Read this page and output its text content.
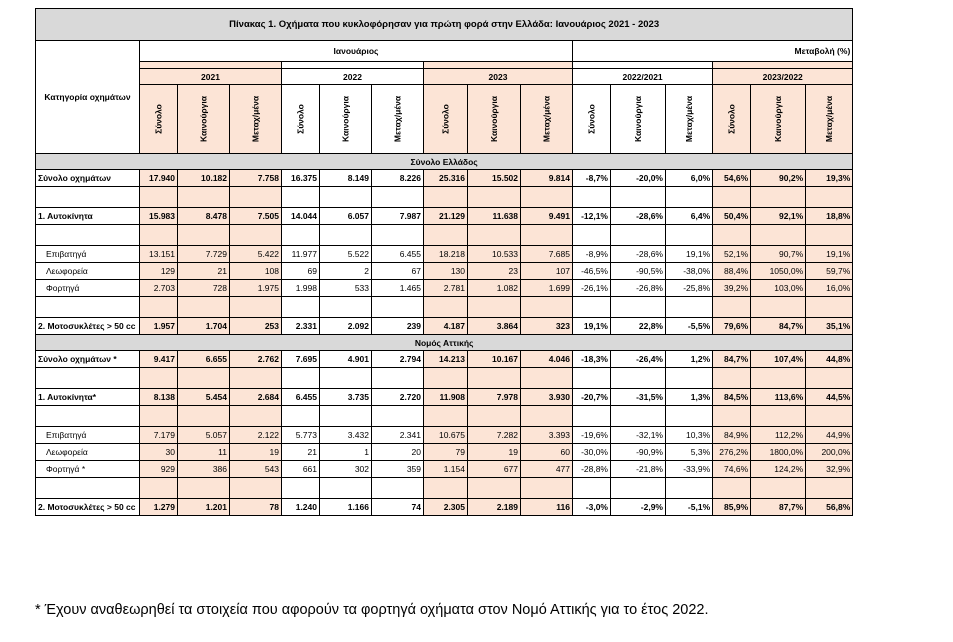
Πίνακας 1. Οχήματα που κυκλοφόρησαν για πρώτη φορά στην Ελλάδα: Ιανουάριος 2021 - 2023															
Κατηγορία οχημάτων	Ιανουάριος									Μεταβολή (%)					

	2021			2022			2023			2022/2021			2023/2022		

	Σύνολο	Καινούργια	Μεταχ/μένα	Σύνολο	Καινούργια	Μεταχ/μένα	Σύνολο	Καινούργια	Μεταχ/μένα	Σύνολο	Καινούργια	Μεταχ/μένα	Σύνολο	Καινούργια	Μεταχ/μένα

Σύνολο Ελλάδος															
Σύνολο οχημάτων	17.940	10.182	7.758	16.375	8.149	8.226	25.316	15.502	9.814	-8,7%	-20,0%	6,0%	54,6%	90,2%	19,3%

1. Αυτοκίνητα	15.983	8.478	7.505	14.044	6.057	7.987	21.129	11.638	9.491	-12,1%	-28,6%	6,4%	50,4%	92,1%	18,8%

Επιβατηγά	13.151	7.729	5.422	11.977	5.522	6.455	18.218	10.533	7.685	-8,9%	-28,6%	19,1%	52,1%	90,7%	19,1%
Λεωφορεία	129	21	108	69	2	67	130	23	107	-46,5%	-90,5%	-38,0%	88,4%	1050,0%	59,7%
Φορτηγά	2.703	728	1.975	1.998	533	1.465	2.781	1.082	1.699	-26,1%	-26,8%	-25,8%	39,2%	103,0%	16,0%

2. Μοτοσυκλέτες > 50 cc	1.957	1.704	253	2.331	2.092	239	4.187	3.864	323	19,1%	22,8%	-5,5%	79,6%	84,7%	35,1%
Νομός Αττικής															
Σύνολο οχημάτων *	9.417	6.655	2.762	7.695	4.901	2.794	14.213	10.167	4.046	-18,3%	-26,4%	1,2%	84,7%	107,4%	44,8%

1. Αυτοκίνητα*	8.138	5.454	2.684	6.455	3.735	2.720	11.908	7.978	3.930	-20,7%	-31,5%	1,3%	84,5%	113,6%	44,5%

Επιβατηγά	7.179	5.057	2.122	5.773	3.432	2.341	10.675	7.282	3.393	-19,6%	-32,1%	10,3%	84,9%	112,2%	44,9%
Λεωφορεία	30	11	19	21	1	20	79	19	60	-30,0%	-90,9%	5,3%	276,2%	1800,0%	200,0%
Φορτηγά *	929	386	543	661	302	359	1.154	677	477	-28,8%	-21,8%	-33,9%	74,6%	124,2%	32,9%

2. Μοτοσυκλέτες > 50 cc	1.279	1.201	78	1.240	1.166	74	2.305	2.189	116	-3,0%	-2,9%	-5,1%	85,9%	87,7%	56,8%
* Έχουν αναθεωρηθεί τα στοιχεία που αφορούν τα φορτηγά οχήματα στον Νομό Αττικής για το έτος 2022.
